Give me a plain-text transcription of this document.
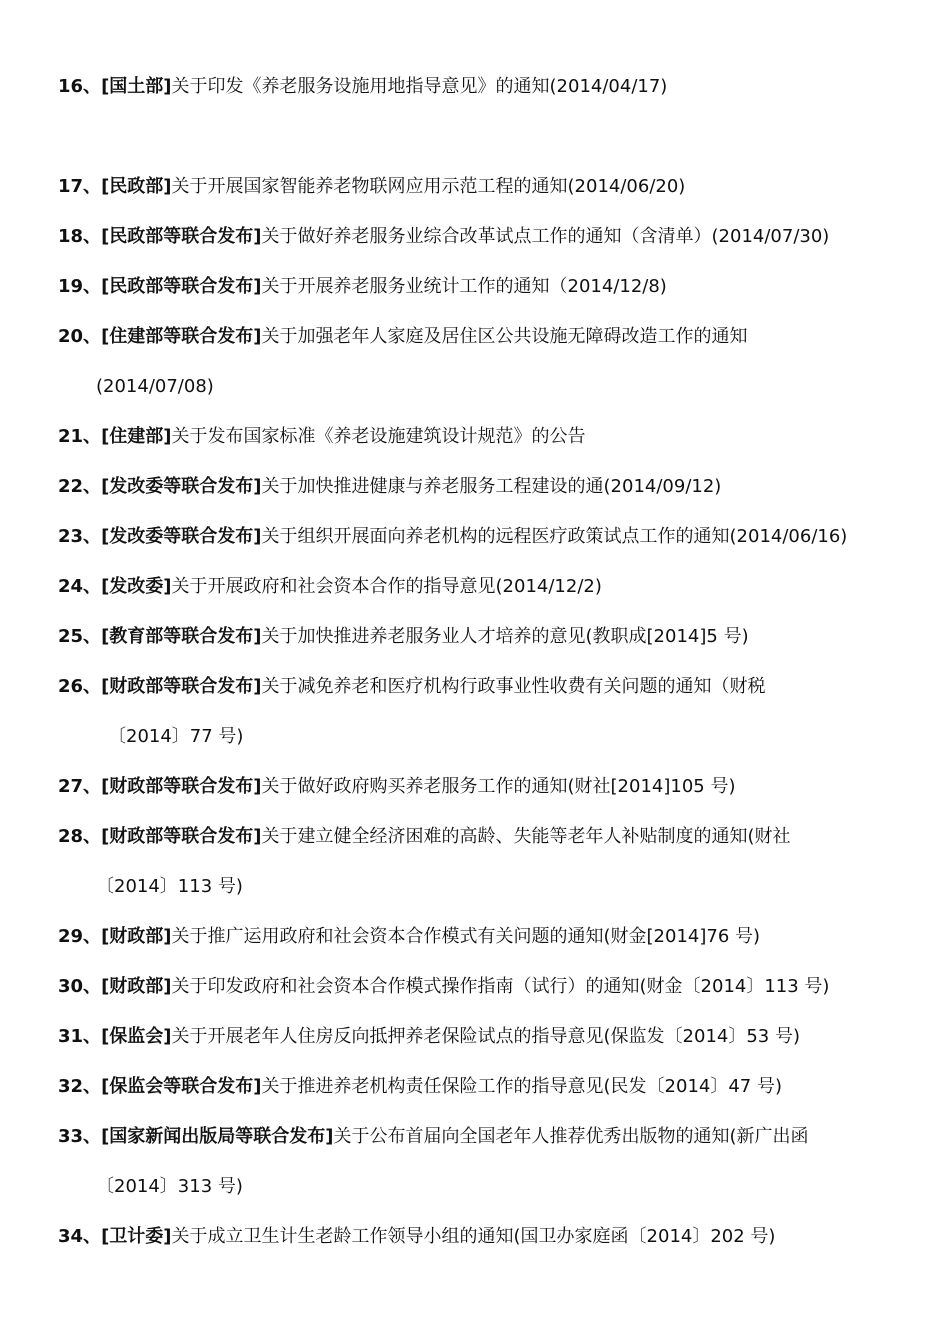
16、[国土部]关于印发《养老服务设施用地指导意见》的通知(2014/04/17)
17、[民政部]关于开展国家智能养老物联网应用示范工程的通知(2014/06/20)
18、[民政部等联合发布]关于做好养老服务业综合改革试点工作的通知（含清单）(2014/07/30)
19、[民政部等联合发布]关于开展养老服务业统计工作的通知（2014/12/8)
20、[住建部等联合发布]关于加强老年人家庭及居住区公共设施无障碍改造工作的通知
(2014/07/08)
21、[住建部]关于发布国家标准《养老设施建筑设计规范》的公告
22、[发改委等联合发布]关于加快推进健康与养老服务工程建设的通(2014/09/12)
23、[发改委等联合发布]关于组织开展面向养老机构的远程医疗政策试点工作的通知(2014/06/16)
24、[发改委]关于开展政府和社会资本合作的指导意见(2014/12/2)
25、[教育部等联合发布]关于加快推进养老服务业人才培养的意见(教职成[2014]5 号)
26、[财政部等联合发布]关于减免养老和医疗机构行政事业性收费有关问题的通知（财税
〔2014〕77 号)
27、[财政部等联合发布]关于做好政府购买养老服务工作的通知(财社[2014]105 号)
28、[财政部等联合发布]关于建立健全经济困难的高龄、失能等老年人补贴制度的通知(财社
〔2014〕113 号)
29、[财政部]关于推广运用政府和社会资本合作模式有关问题的通知(财金[2014]76 号)
30、[财政部]关于印发政府和社会资本合作模式操作指南（试行）的通知(财金〔2014〕113 号)
31、[保监会]关于开展老年人住房反向抵押养老保险试点的指导意见(保监发〔2014〕53 号)
32、[保监会等联合发布]关于推进养老机构责任保险工作的指导意见(民发〔2014〕47 号)
33、[国家新闻出版局等联合发布]关于公布首届向全国老年人推荐优秀出版物的通知(新广出函
〔2014〕313 号)
34、[卫计委]关于成立卫生计生老龄工作领导小组的通知(国卫办家庭函〔2014〕202 号)
